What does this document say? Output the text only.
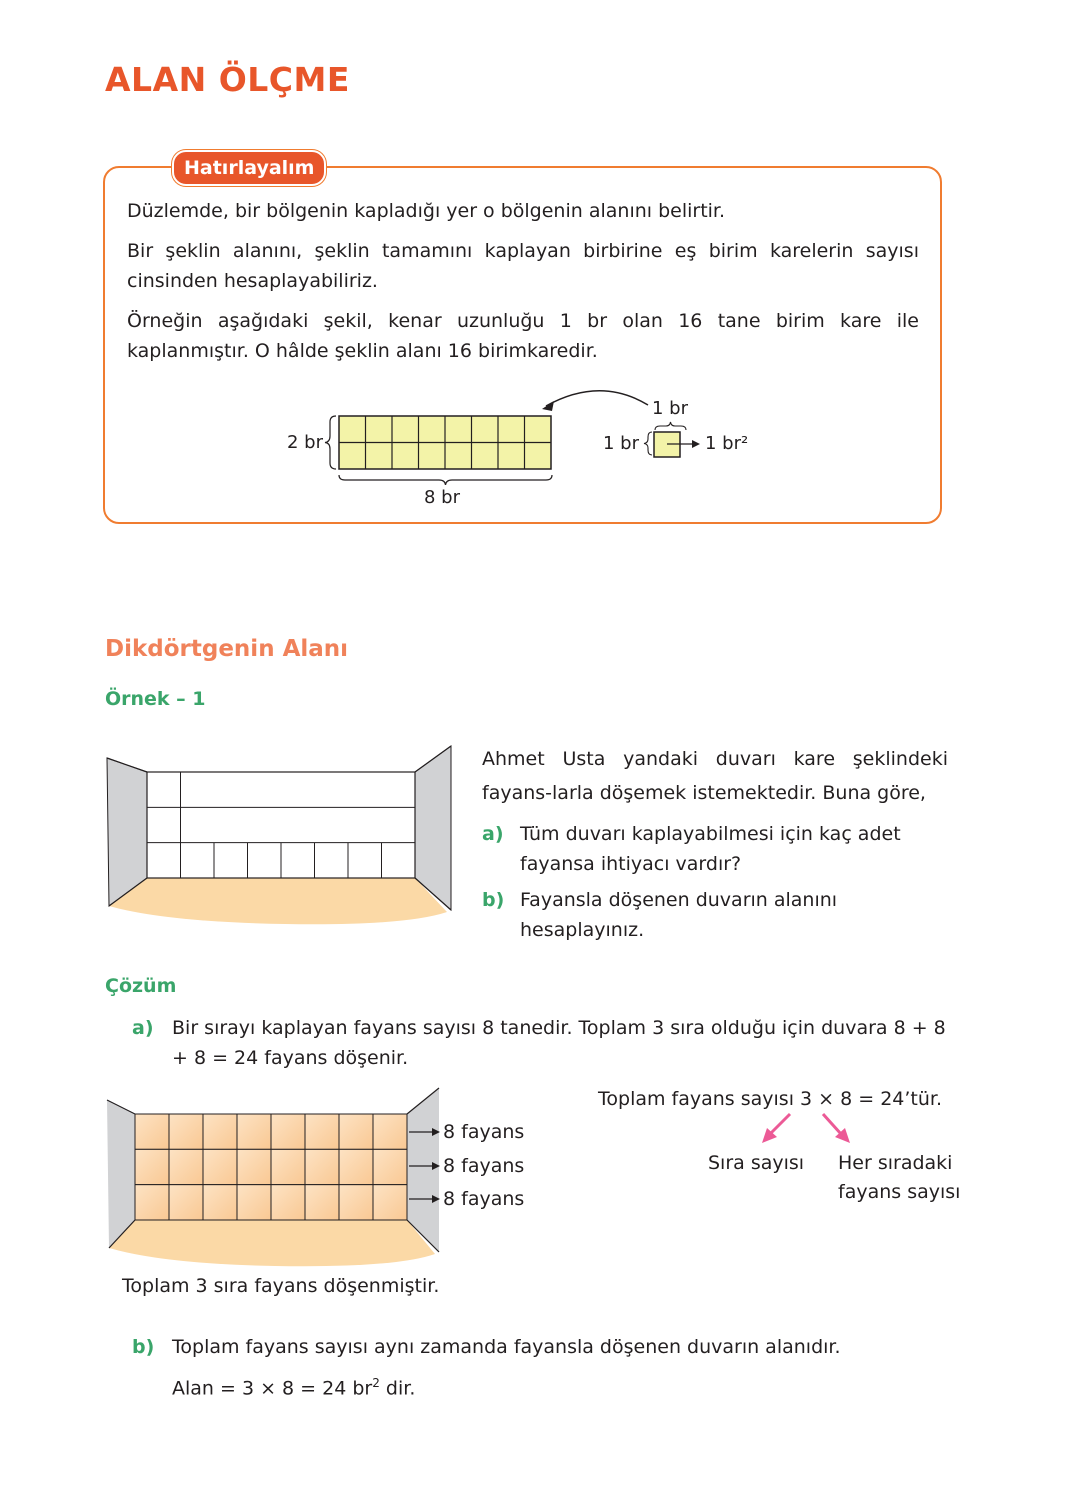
ALAN ÖLÇME
Hatırlayalım
Düzlemde, bir bölgenin kapladığı yer o bölgenin alanını belirtir.
Bir şeklin alanını, şeklin tamamını kaplayan birbirine eş birim karelerin sayısı cinsinden hesaplayabiliriz.
Örneğin aşağıdaki şekil, kenar uzunluğu 1 br olan 16 tane birim kare ile kaplanmıştır. O hâlde şeklin alanı 16 birimkaredir.
2 br
8 br
1 br
1 br	1 br²
Dikdörtgenin Alanı
Örnek – 1
Ahmet Usta yandaki duvarı kare şeklindeki fayans-larla döşemek istemektedir. Buna göre,
a) Tüm duvarı kaplayabilmesi için kaç adet fayansa ihtiyacı vardır?
b) Fayansla döşenen duvarın alanını hesaplayınız.
Çözüm
a) Bir sırayı kaplayan fayans sayısı 8 tanedir. Toplam 3 sıra olduğu için duvara 8 + 8 + 8 = 24 fayans döşenir.
8 fayans
8 fayans
8 fayans
Toplam fayans sayısı 3 × 8 = 24’tür.
Sıra sayısı Her sıradaki
fayans sayısı
Toplam 3 sıra fayans döşenmiştir.
b) Toplam fayans sayısı aynı zamanda fayansla döşenen duvarın alanıdır.
Alan = 3 × 8 = 24 $br^2$ dir.
